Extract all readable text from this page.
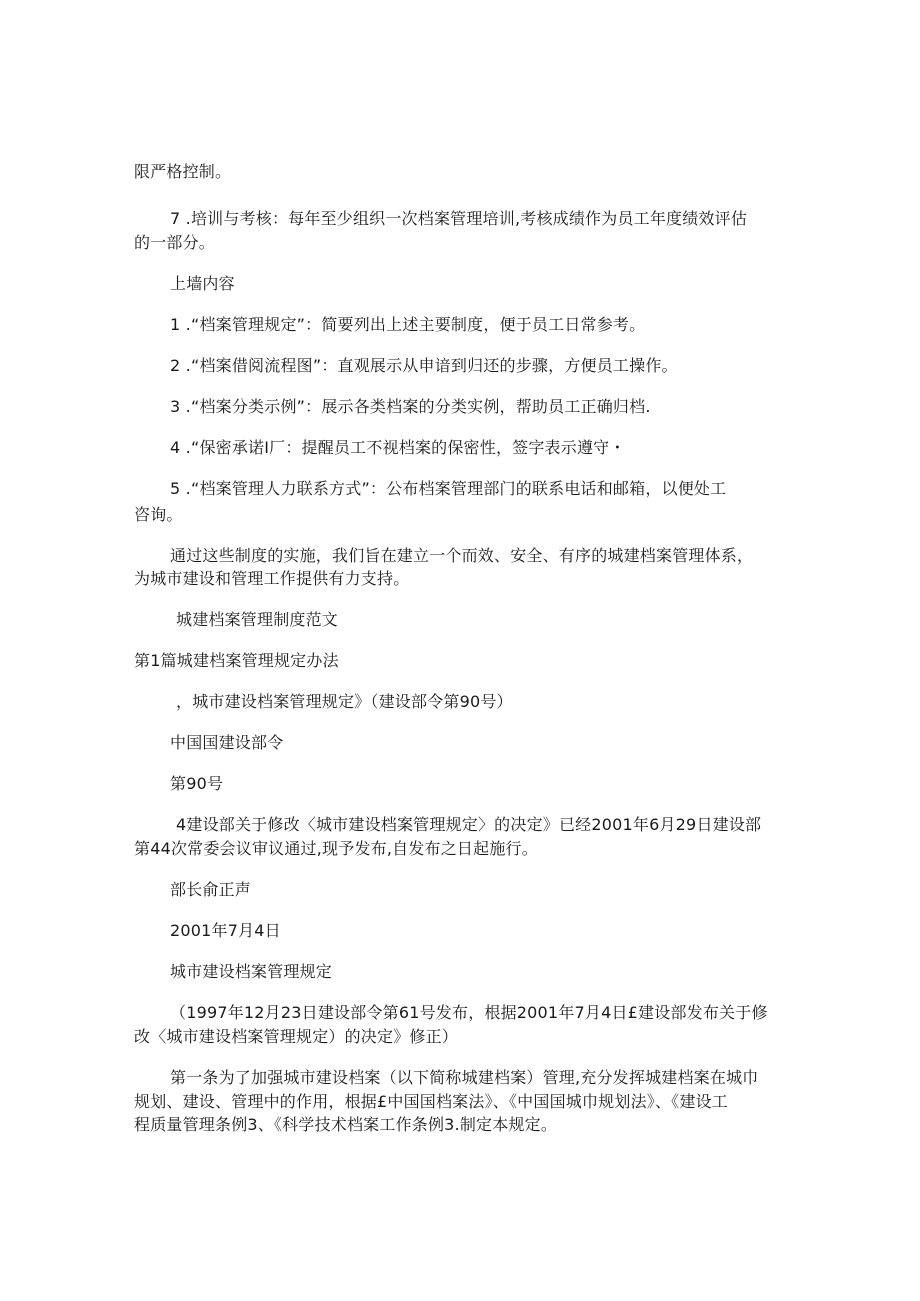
限严格控制。
7 .培训与考核：每年至少组织一次档案管理培训,考核成绩作为员工年度绩效评估
的一部分。
上墙内容
1 .“档案管理规定”：简要列出上述主要制度，便于员工日常参考。
2 .“档案借阅流程图”：直观展示从申谙到归还的步骤，方便员工操作。
3 .“档案分类示例”：展示各类档案的分类实例，帮助员工正确归档.
4 .“保密承诺I厂：提醒员工不视档案的保密性，签字表示遵守・
5 .“档案管理人力联系方式”：公布档案管理部门的联系电话和邮箱，以便处工
咨询。
通过这些制度的实施，我们旨在建立一个而效、安全、有序的城建档案管理体系，
为城市建设和管理工作提供有力支持。
城建档案管理制度范文
第1篇城建档案管理规定办法
，城市建设档案管理规定》（建设部令第90号）
中国国建设部令
第90号
4建设部关于修改〈城市建设档案管理规定〉的决定》已经2001年6月29日建设部
第44次常委会议审议通过,现予发布,自发布之日起施行。
部长俞正声
2001年7月4日
城市建设档案管理规定
（1997年12月23日建设部令第61号发布，根据2001年7月4日£建设部发布关于修
改〈城市建设档案管理规定）的决定》修正）
第一条为了加强城市建设档案（以下简称城建档案）管理,充分发挥城建档案在城巾
规划、建设、管理中的作用，根据£中国国档案法》、《中国国城巾规划法》、《建设工
程质量管理条例3、《科学技术档案工作条例3.制定本规定。
